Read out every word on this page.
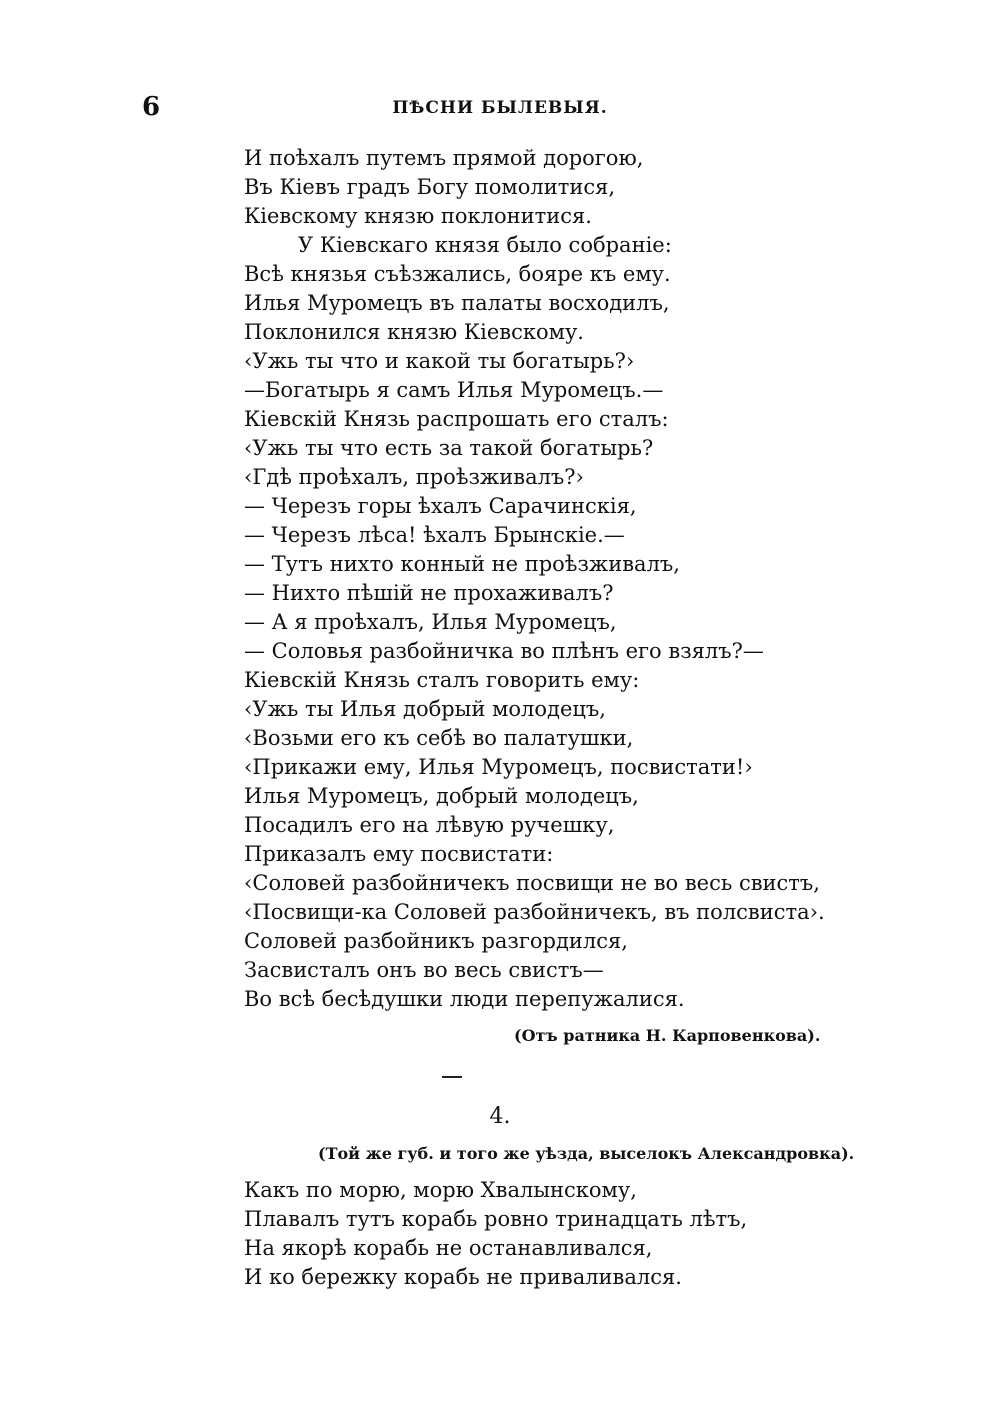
6	ПѢСНИ БЫЛЕВЫЯ.
И поѣхалъ путемъ прямой дорогою,
Въ Кіевъ градъ Богу помолитися,
Кіевскому князю поклонитися.
У Кіевскаго князя было собраніе:
Всѣ князья съѣзжались, бояре къ ему.
Илья Муромецъ въ палаты восходилъ,
Поклонился князю Кіевскому.
‹Ужь ты что и какой ты богатырь?›
—Богатырь я самъ Илья Муромецъ.—
Кіевскій Князь распрошать его сталъ:
‹Ужь ты что есть за такой богатырь?
‹Гдѣ проѣхалъ, проѣзживалъ?›
— Черезъ горы ѣхалъ Сарачинскія,
— Черезъ лѣса! ѣхалъ Брынскіе.—
— Тутъ нихто конный не проѣзживалъ,
— Нихто пѣшій не прохаживалъ?
— А я проѣхалъ, Илья Муромецъ,
— Соловья разбойничка во плѣнъ его взялъ?—
Кіевскій Князь сталъ говорить ему:
‹Ужь ты Илья добрый молодецъ,
‹Возьми его къ себѣ во палатушки,
‹Прикажи ему, Илья Муромецъ, посвистати!›
Илья Муромецъ, добрый молодецъ,
Посадилъ его на лѣвую ручешку,
Приказалъ ему посвистати:
‹Соловей разбойничекъ посвищи не во весь свистъ,
‹Посвищи-ка Соловей разбойничекъ, въ полсвиста›.
Соловей разбойникъ разгордился,
Засвисталъ онъ во весь свистъ—
Во всѣ бесѣдушки люди перепужалися.
(Отъ ратника Н. Карповенкова).
4.
(Той же губ. и того же уѣзда, выселокъ Александровка).
Какъ по морю, морю Хвалынскому,
Плавалъ тутъ корабь ровно тринадцать лѣтъ,
На якорѣ корабь не останавливался,
И ко бережку корабь не приваливался.
